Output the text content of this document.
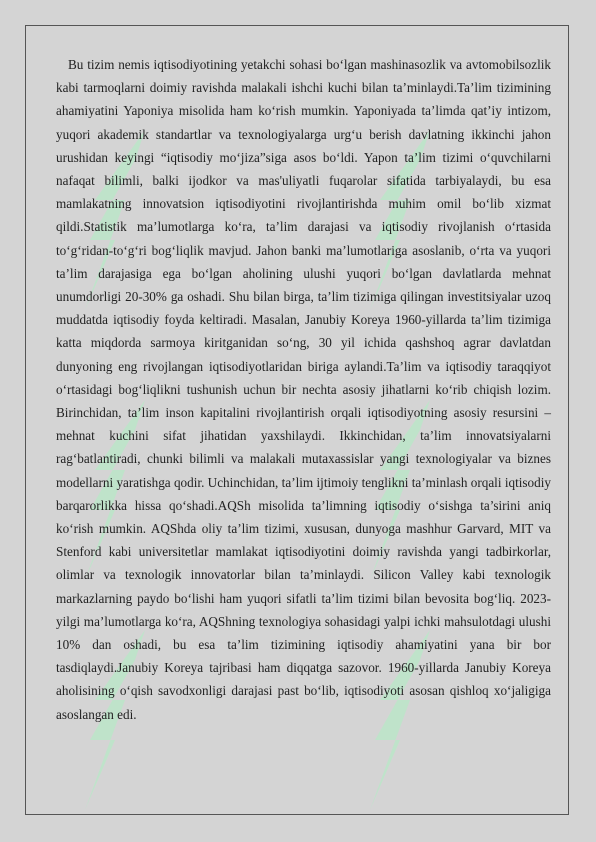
Bu tizim nemis iqtisodiyotining yetakchi sohasi bo‘lgan mashinasozlik va avtomobilsozlik kabi tarmoqlarni doimiy ravishda malakali ishchi kuchi bilan ta’minlaydi.Ta’lim tizimining ahamiyatini Yaponiya misolida ham ko‘rish mumkin. Yaponiyada ta’limda qat’iy intizom, yuqori akademik standartlar va texnologiyalarga urg‘u berish davlatning ikkinchi jahon urushidan keyingi “iqtisodiy mo‘jiza”siga asos bo‘ldi. Yapon ta’lim tizimi o‘quvchilarni nafaqat bilimli, balki ijodkor va mas'uliyatli fuqarolar sifatida tarbiyalaydi, bu esa mamlakatning innovatsion iqtisodiyotini rivojlantirishda muhim omil bo‘lib xizmat qildi.Statistik ma’lumotlarga ko‘ra, ta’lim darajasi va iqtisodiy rivojlanish o‘rtasida to‘g‘ridan-to‘g‘ri bog‘liqlik mavjud. Jahon banki ma’lumotlariga asoslanib, o‘rta va yuqori ta’lim darajasiga ega bo‘lgan aholining ulushi yuqori bo‘lgan davlatlarda mehnat unumdorligi 20-30% ga oshadi. Shu bilan birga, ta’lim tizimiga qilingan investitsiyalar uzoq muddatda iqtisodiy foyda keltiradi. Masalan, Janubiy Koreya 1960-yillarda ta’lim tizimiga katta miqdorda sarmoya kiritganidan so‘ng, 30 yil ichida qashshoq agrar davlatdan dunyoning eng rivojlangan iqtisodiyotlaridan biriga aylandi.Ta’lim va iqtisodiy taraqqiyot o‘rtasidagi bog‘liqlikni tushunish uchun bir nechta asosiy jihatlarni ko‘rib chiqish lozim. Birinchidan, ta’lim inson kapitalini rivojlantirish orqali iqtisodiyotning asosiy resursini – mehnat kuchini sifat jihatidan yaxshilaydi. Ikkinchidan, ta’lim innovatsiyalarni rag‘batlantiradi, chunki bilimli va malakali mutaxassislar yangi texnologiyalar va biznes modellarni yaratishga qodir. Uchinchidan, ta’lim ijtimoiy tenglikni ta’minlash orqali iqtisodiy barqarorlikka hissa qo‘shadi.AQSh misolida ta’limning iqtisodiy o‘sishga ta’sirini aniq ko‘rish mumkin. AQShda oliy ta’lim tizimi, xususan, dunyoga mashhur Garvard, MIT va Stenford kabi universitetlar mamlakat iqtisodiyotini doimiy ravishda yangi tadbirkorlar, olimlar va texnologik innovatorlar bilan ta’minlaydi. Silicon Valley kabi texnologik markazlarning paydo bo‘lishi ham yuqori sifatli ta’lim tizimi bilan bevosita bog‘liq. 2023-yilgi ma’lumotlarga ko‘ra, AQShning texnologiya sohasidagi yalpi ichki mahsulotdagi ulushi 10% dan oshadi, bu esa ta’lim tizimining iqtisodiy ahamiyatini yana bir bor tasdiqlaydi.Janubiy Koreya tajribasi ham diqqatga sazovor. 1960-yillarda Janubiy Koreya aholisining o‘qish savodxonligi darajasi past bo‘lib, iqtisodiyoti asosan qishloq xo‘jaligiga asoslangan edi.
